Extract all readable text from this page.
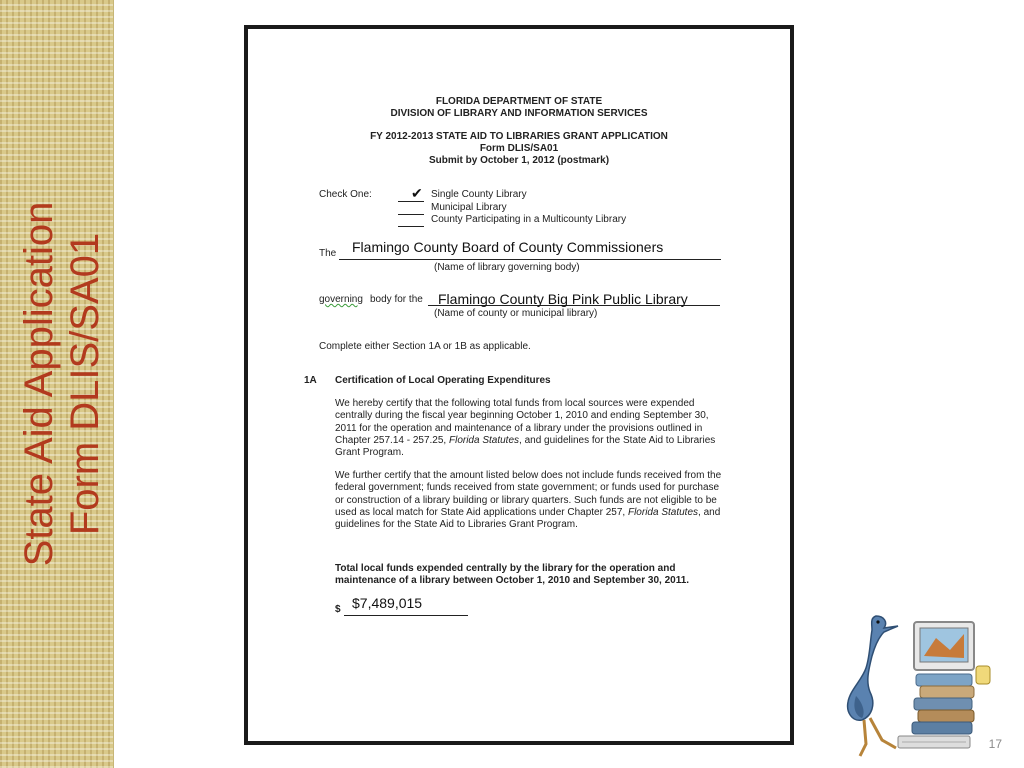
State Aid Application Form DLIS/SA01
FLORIDA DEPARTMENT OF STATE
DIVISION OF LIBRARY AND INFORMATION SERVICES
FY 2012-2013 STATE AID TO LIBRARIES GRANT APPLICATION
Form DLIS/SA01
Submit by October 1, 2012 (postmark)
Check One:	✔ Single County Library
Municipal Library
County Participating in a Multicounty Library
The Flamingo County Board of County Commissioners
(Name of library governing body)
governing body for the Flamingo County Big Pink Public Library
(Name of county or municipal library)
Complete either Section 1A or 1B as applicable.
1A Certification of Local Operating Expenditures
We hereby certify that the following total funds from local sources were expended centrally during the fiscal year beginning October 1, 2010 and ending September 30, 2011 for the operation and maintenance of a library under the provisions outlined in Chapter 257.14 - 257.25, Florida Statutes, and guidelines for the State Aid to Libraries Grant Program.
We further certify that the amount listed below does not include funds received from the federal government; funds received from state government; or funds used for purchase or construction of a library building or library quarters. Such funds are not eligible to be used as local match for State Aid applications under Chapter 257, Florida Statutes, and guidelines for the State Aid to Libraries Grant Program.
Total local funds expended centrally by the library for the operation and maintenance of a library between October 1, 2010 and September 30, 2011.
$ $7,489,015
17
